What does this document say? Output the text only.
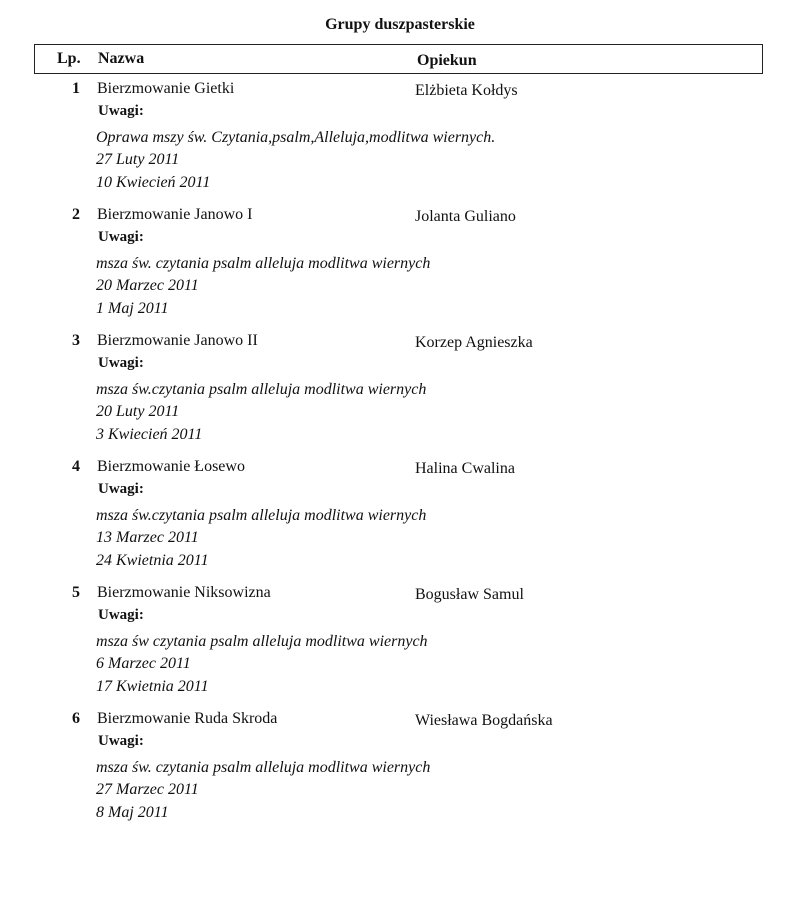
Grupy duszpasterskie
Lp. Nazwa	Opiekun
1 Bierzmowanie Gietki	Elżbieta Kołdys
Uwagi:
Oprawa mszy św. Czytania,psalm,Alleluja,modlitwa wiernych.
27 Luty 2011
10 Kwiecień 2011
2 Bierzmowanie Janowo I	Jolanta Guliano
Uwagi:
msza św. czytania psalm alleluja modlitwa wiernych
20 Marzec 2011
1 Maj 2011
3 Bierzmowanie Janowo II	Korzep Agnieszka
Uwagi:
msza św.czytania psalm alleluja modlitwa wiernych
20 Luty 2011
3 Kwiecień 2011
4 Bierzmowanie Łosewo	Halina Cwalina
Uwagi:
msza św.czytania psalm alleluja modlitwa wiernych
13 Marzec 2011
24 Kwietnia 2011
5 Bierzmowanie Niksowizna	Bogusław Samul
Uwagi:
msza św czytania psalm alleluja modlitwa wiernych
6 Marzec 2011
17 Kwietnia 2011
6 Bierzmowanie Ruda Skroda	Wiesława Bogdańska
Uwagi:
msza św. czytania psalm alleluja modlitwa wiernych
27 Marzec 2011
8 Maj 2011
